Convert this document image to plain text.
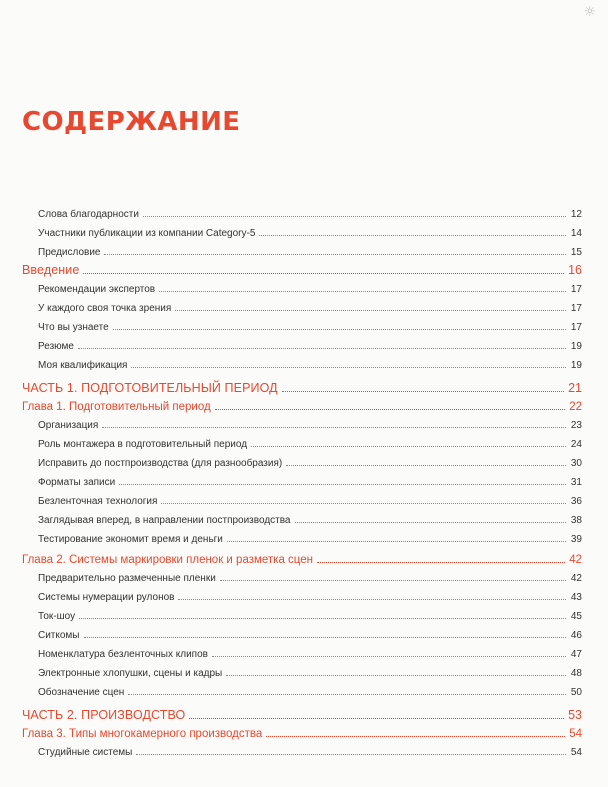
☼
СОДЕРЖАНИЕ
Слова благодарности	12
Участники публикации из компании Category-5	14
Предисловие	15
Введение	16
Рекомендации экспертов	17
У каждого своя точка зрения	17
Что вы узнаете	17
Резюме	19
Моя квалификация	19
ЧАСТЬ 1. ПОДГОТОВИТЕЛЬНЫЙ ПЕРИОД	21
Глава 1. Подготовительный период	22
Организация	23
Роль монтажера в подготовительный период	24
Исправить до постпроизводства (для разнообразия)	30
Форматы записи	31
Безленточная технология	36
Заглядывая вперед, в направлении постпроизводства	38
Тестирование экономит время и деньги	39
Глава 2. Системы маркировки пленок и разметка сцен	42
Предварительно размеченные пленки	42
Системы нумерации рулонов	43
Ток-шоу	45
Ситкомы	46
Номенклатура безленточных клипов	47
Электронные хлопушки, сцены и кадры	48
Обозначение сцен	50
ЧАСТЬ 2. ПРОИЗВОДСТВО	53
Глава 3. Типы многокамерного производства	54
Студийные системы	54
